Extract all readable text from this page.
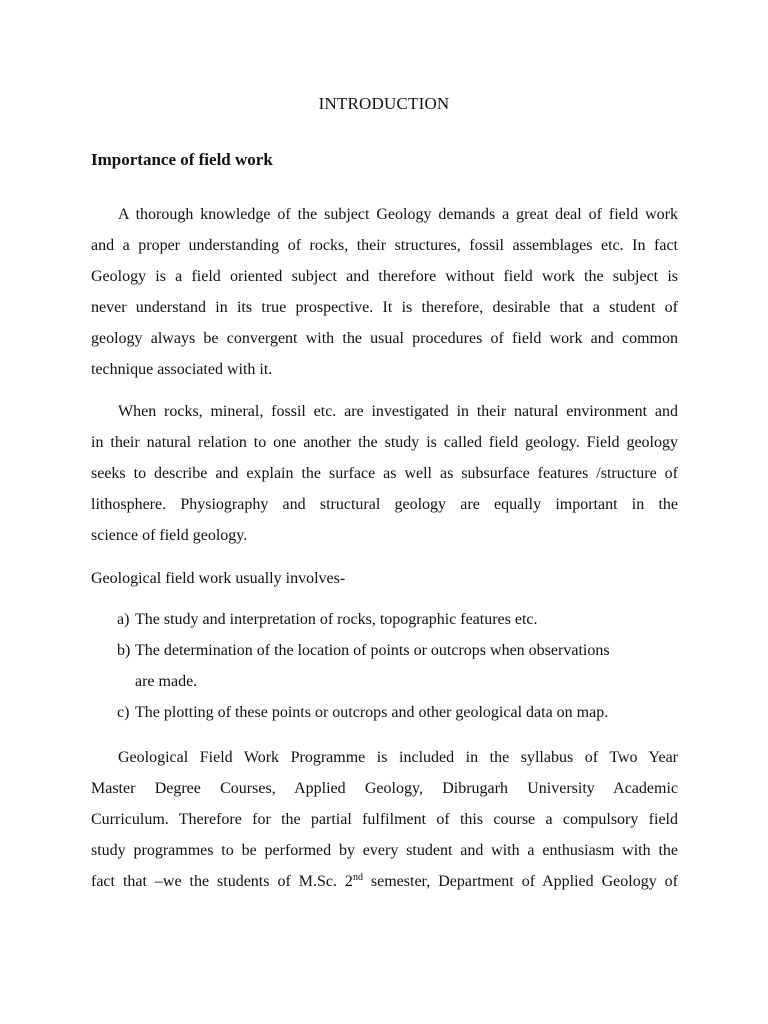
INTRODUCTION
Importance of field work
A thorough knowledge of the subject Geology demands a great deal of field work
and a proper understanding of rocks, their structures, fossil assemblages etc. In fact
Geology is a field oriented subject and therefore without field work the subject is
never understand in its true prospective. It is therefore, desirable that a student of
geology always be convergent with the usual procedures of field work and common
technique associated with it.
When rocks, mineral, fossil etc. are investigated in their natural environment and
in their natural relation to one another the study is called field geology. Field geology
seeks to describe and explain the surface as well as subsurface features /structure of
lithosphere. Physiography and structural geology are equally important in the
science of field geology.
Geological field work usually involves-
a) The study and interpretation of rocks, topographic features etc.
b) The determination of the location of points or outcrops when observations
are made.
c) The plotting of these points or outcrops and other geological data on map.
Geological Field Work Programme is included in the syllabus of Two Year
Master Degree Courses, Applied Geology, Dibrugarh University Academic
Curriculum. Therefore for the partial fulfilment of this course a compulsory field
study programmes to be performed by every student and with a enthusiasm with the
fact that –we the students of M.Sc. 2nd semester, Department of Applied Geology of
